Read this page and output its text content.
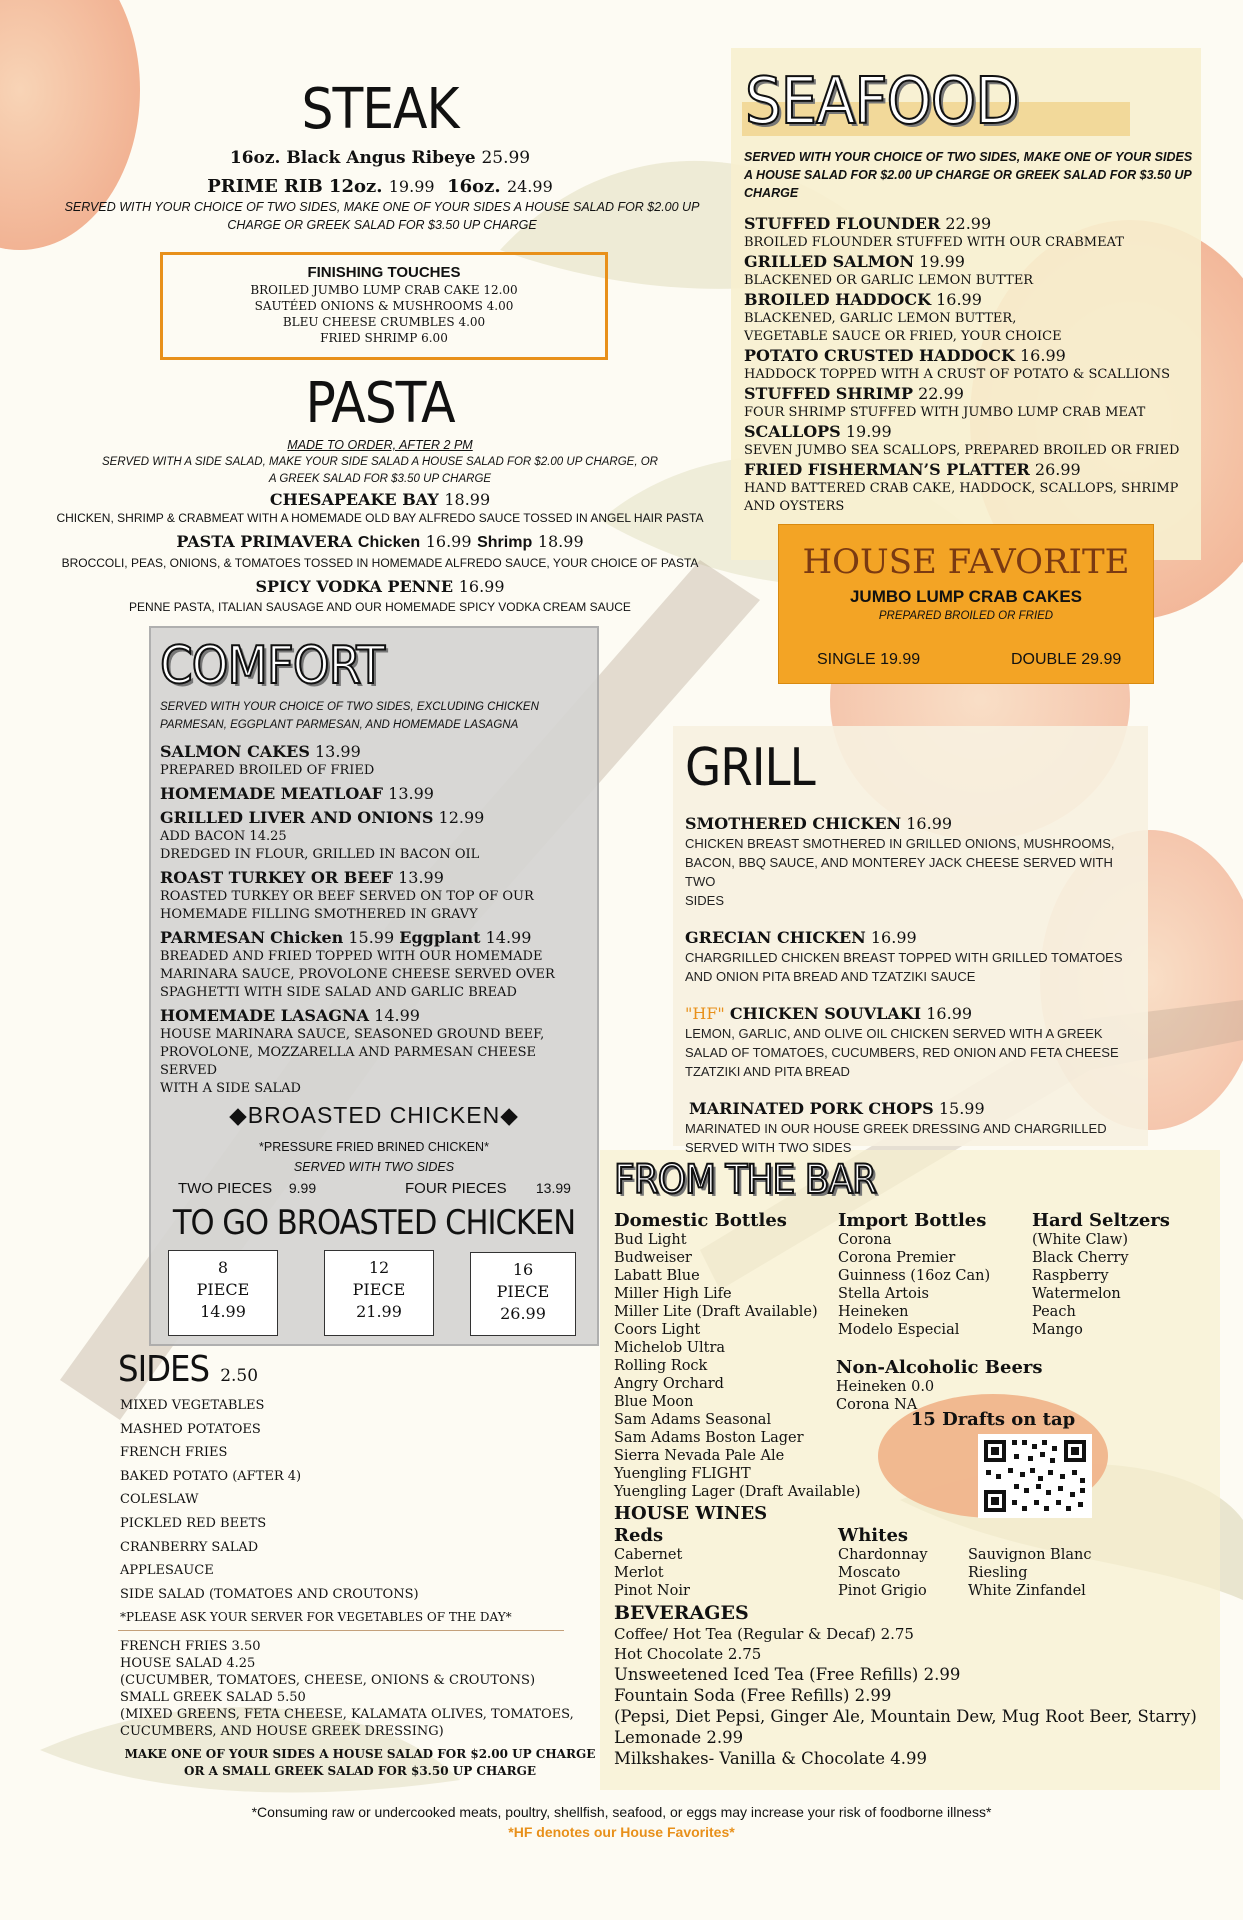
STEAK
16oz. Black Angus Ribeye 25.99
PRIME RIB 12oz. 19.99 16oz. 24.99
SERVED WITH YOUR CHOICE OF TWO SIDES, MAKE ONE OF YOUR SIDES A HOUSE SALAD FOR $2.00 UP CHARGE OR GREEK SALAD FOR $3.50 UP CHARGE
FINISHING TOUCHES
BROILED JUMBO LUMP CRAB CAKE 12.00
SAUTÉED ONIONS & MUSHROOMS 4.00
BLEU CHEESE CRUMBLES 4.00
FRIED SHRIMP 6.00
PASTA
MADE TO ORDER, AFTER 2 PM
SERVED WITH A SIDE SALAD, MAKE YOUR SIDE SALAD A HOUSE SALAD FOR $2.00 UP CHARGE, OR A GREEK SALAD FOR $3.50 UP CHARGE
CHESAPEAKE BAY 18.99
CHICKEN, SHRIMP & CRABMEAT WITH A HOMEMADE OLD BAY ALFREDO SAUCE TOSSED IN ANGEL HAIR PASTA
PASTA PRIMAVERA Chicken 16.99 Shrimp 18.99
BROCCOLI, PEAS, ONIONS, & TOMATOES TOSSED IN HOMEMADE ALFREDO SAUCE, YOUR CHOICE OF PASTA
SPICY VODKA PENNE 16.99
PENNE PASTA, ITALIAN SAUSAGE AND OUR HOMEMADE SPICY VODKA CREAM SAUCE
SEAFOOD
SERVED WITH YOUR CHOICE OF TWO SIDES, MAKE ONE OF YOUR SIDES A HOUSE SALAD FOR $2.00 UP CHARGE OR GREEK SALAD FOR $3.50 UP CHARGE
STUFFED FLOUNDER 22.99
BROILED FLOUNDER STUFFED WITH OUR CRABMEAT
GRILLED SALMON 19.99
BLACKENED OR GARLIC LEMON BUTTER
BROILED HADDOCK 16.99
BLACKENED, GARLIC LEMON BUTTER,
VEGETABLE SAUCE OR FRIED, YOUR CHOICE
POTATO CRUSTED HADDOCK 16.99
HADDOCK TOPPED WITH A CRUST OF POTATO & SCALLIONS
STUFFED SHRIMP 22.99
FOUR SHRIMP STUFFED WITH JUMBO LUMP CRAB MEAT
SCALLOPS 19.99
SEVEN JUMBO SEA SCALLOPS, PREPARED BROILED OR FRIED
FRIED FISHERMAN’S PLATTER 26.99
HAND BATTERED CRAB CAKE, HADDOCK, SCALLOPS, SHRIMP
AND OYSTERS
HOUSE FAVORITE
JUMBO LUMP CRAB CAKES
PREPARED BROILED OR FRIED
SINGLE 19.99	DOUBLE 29.99
COMFORT
SERVED WITH YOUR CHOICE OF TWO SIDES, EXCLUDING CHICKEN PARMESAN, EGGPLANT PARMESAN, AND HOMEMADE LASAGNA
SALMON CAKES 13.99
PREPARED BROILED OF FRIED
HOMEMADE MEATLOAF 13.99
GRILLED LIVER AND ONIONS 12.99
ADD BACON 14.25
DREDGED IN FLOUR, GRILLED IN BACON OIL
ROAST TURKEY OR BEEF 13.99
ROASTED TURKEY OR BEEF SERVED ON TOP OF OUR
HOMEMADE FILLING SMOTHERED IN GRAVY
PARMESAN Chicken 15.99 Eggplant 14.99
BREADED AND FRIED TOPPED WITH OUR HOMEMADE
MARINARA SAUCE, PROVOLONE CHEESE SERVED OVER
SPAGHETTI WITH SIDE SALAD AND GARLIC BREAD
HOMEMADE LASAGNA 14.99
HOUSE MARINARA SAUCE, SEASONED GROUND BEEF,
PROVOLONE, MOZZARELLA AND PARMESAN CHEESE SERVED
WITH A SIDE SALAD
◆BROASTED CHICKEN◆
*PRESSURE FRIED BRINED CHICKEN*
SERVED WITH TWO SIDES
TWO PIECES 9.99	FOUR PIECES 13.99
TO GO BROASTED CHICKEN
8
PIECE
14.99
12
PIECE
21.99
16
PIECE
26.99
GRILL
SMOTHERED CHICKEN 16.99
CHICKEN BREAST SMOTHERED IN GRILLED ONIONS, MUSHROOMS,
BACON, BBQ SAUCE, AND MONTEREY JACK CHEESE SERVED WITH TWO
SIDES
GRECIAN CHICKEN 16.99
CHARGRILLED CHICKEN BREAST TOPPED WITH GRILLED TOMATOES
AND ONION PITA BREAD AND TZATZIKI SAUCE
"HF" CHICKEN SOUVLAKI 16.99
LEMON, GARLIC, AND OLIVE OIL CHICKEN SERVED WITH A GREEK
SALAD OF TOMATOES, CUCUMBERS, RED ONION AND FETA CHEESE
TZATZIKI AND PITA BREAD
MARINATED PORK CHOPS 15.99
MARINATED IN OUR HOUSE GREEK DRESSING AND CHARGRILLED
SERVED WITH TWO SIDES
SIDES 2.50
MIXED VEGETABLES
MASHED POTATOES
FRENCH FRIES
BAKED POTATO (AFTER 4)
COLESLAW
PICKLED RED BEETS
CRANBERRY SALAD
APPLESAUCE
SIDE SALAD (TOMATOES AND CROUTONS)
*PLEASE ASK YOUR SERVER FOR VEGETABLES OF THE DAY*
FRENCH FRIES 3.50
HOUSE SALAD 4.25
(CUCUMBER, TOMATOES, CHEESE, ONIONS & CROUTONS)
SMALL GREEK SALAD 5.50
(MIXED GREENS, FETA CHEESE, KALAMATA OLIVES, TOMATOES,
CUCUMBERS, AND HOUSE GREEK DRESSING)
MAKE ONE OF YOUR SIDES A HOUSE SALAD FOR $2.00 UP CHARGE OR A SMALL GREEK SALAD FOR $3.50 UP CHARGE
FROM THE BAR
Domestic Bottles
Bud Light
Budweiser
Labatt Blue
Miller High Life
Miller Lite (Draft Available)
Coors Light
Michelob Ultra
Rolling Rock
Angry Orchard
Blue Moon
Sam Adams Seasonal
Sam Adams Boston Lager
Sierra Nevada Pale Ale
Yuengling FLIGHT
Yuengling Lager (Draft Available)
Import Bottles
Corona
Corona Premier
Guinness (16oz Can)
Stella Artois
Heineken
Modelo Especial
Hard Seltzers
(White Claw)
Black Cherry
Raspberry
Watermelon
Peach
Mango
Non-Alcoholic Beers
Heineken 0.0
Corona NA
15 Drafts on tap
HOUSE WINES
Reds
Cabernet
Merlot
Pinot Noir
Whites
Chardonnay
Moscato
Pinot Grigio
Sauvignon Blanc
Riesling
White Zinfandel
BEVERAGES
Coffee/ Hot Tea (Regular & Decaf) 2.75
Hot Chocolate 2.75
Unsweetened Iced Tea (Free Refills) 2.99
Fountain Soda (Free Refills) 2.99
(Pepsi, Diet Pepsi, Ginger Ale, Mountain Dew, Mug Root Beer, Starry)
Lemonade 2.99
Milkshakes- Vanilla & Chocolate 4.99
*Consuming raw or undercooked meats, poultry, shellfish, seafood, or eggs may increase your risk of foodborne illness*
*HF denotes our House Favorites*
